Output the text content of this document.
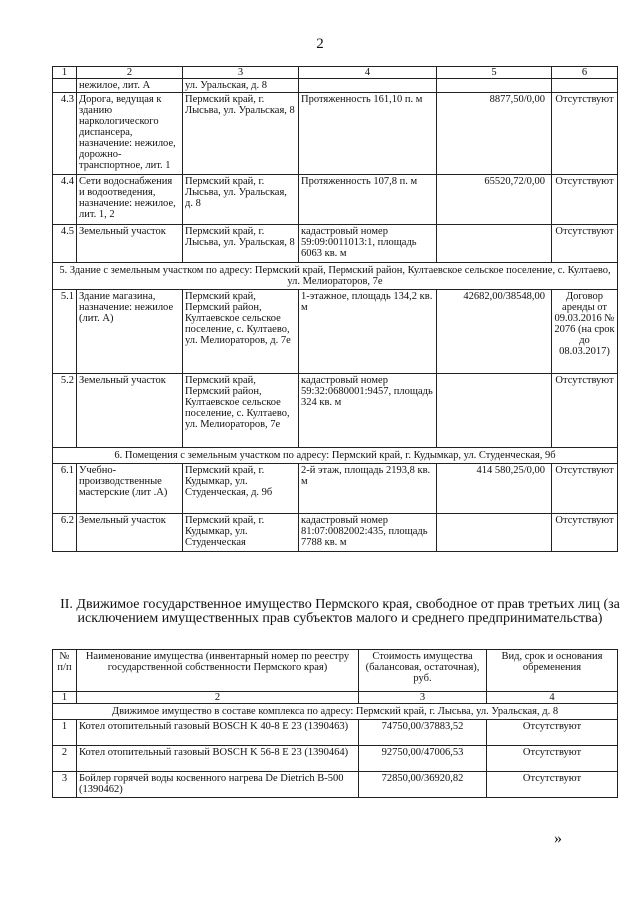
2
1	2	3	4	5	6
	нежилое, лит. А	ул. Уральская, д. 8			
4.3	Дорога, ведущая к зданию наркологического диспансера, назначение: нежилое, дорожно-транспортное, лит. 1	Пермский край, г. Лысьва, ул. Уральская, 8	Протяженность 161,10 п. м	8877,50/0,00	Отсутствуют
4.4	Сети водоснабжения и водоотведения, назначение: нежилое, лит. 1, 2	Пермский край, г. Лысьва, ул. Уральская, д. 8	Протяженность 107,8 п. м	65520,72/0,00	Отсутствуют
4.5	Земельный участок	Пермский край, г. Лысьва, ул. Уральская, 8	кадастровый номер 59:09:0011013:1, площадь 6063 кв. м		Отсутствуют
5. Здание с земельным участком по адресу: Пермский край, Пермский район, Култаевское сельское поселение, с. Култаево, ул. Мелиораторов, 7е					
5.1	Здание магазина, назначение: нежилое (лит. А)	Пермский край, Пермский район, Култаевское сельское поселение, с. Култаево, ул. Мелиораторов, д. 7е	1-этажное, площадь 134,2 кв. м	42682,00/38548,00	Договор аренды от 09.03.2016 № 2076 (на срок до 08.03.2017)
5.2	Земельный участок	Пермский край, Пермский район, Култаевское сельское поселение, с. Култаево, ул. Мелиораторов, 7е	кадастровый номер 59:32:0680001:9457, площадь 324 кв. м		Отсутствуют
6. Помещения с земельным участком по адресу: Пермский край, г. Кудымкар, ул. Студенческая, 9б					
6.1	Учебно-производственные мастерские (лит .А)	Пермский край, г. Кудымкар, ул. Студенческая, д. 9б	2-й этаж, площадь 2193,8 кв. м	414 580,25/0,00	Отсутствуют
6.2	Земельный участок	Пермский край, г. Кудымкар, ул. Студенческая	кадастровый номер 81:07:0082002:435, площадь 7788 кв. м		Отсутствуют
II. Движимое государственное имущество Пермского края, свободное от прав третьих лиц (за исключением имущественных прав субъектов малого и среднего предпринимательства)
№ п/п	Наименование имущества (инвентарный номер по реестру государственной собственности Пермского края)	Стоимость имущества (балансовая, остаточная), руб.	Вид, срок и основания обременения
1	2	3	4
Движимое имущество в составе комплекса по адресу: Пермский край, г. Лысьва, ул. Уральская, д. 8			
1	Котел отопительный газовый BOSCH K 40-8 E 23 (1390463)	74750,00/37883,52	Отсутствуют
2	Котел отопительный газовый BOSCH K 56-8 E 23 (1390464)	92750,00/47006,53	Отсутствуют
3	Бойлер горячей воды косвенного нагрева De Dietrich B-500 (1390462)	72850,00/36920,82	Отсутствуют
»
